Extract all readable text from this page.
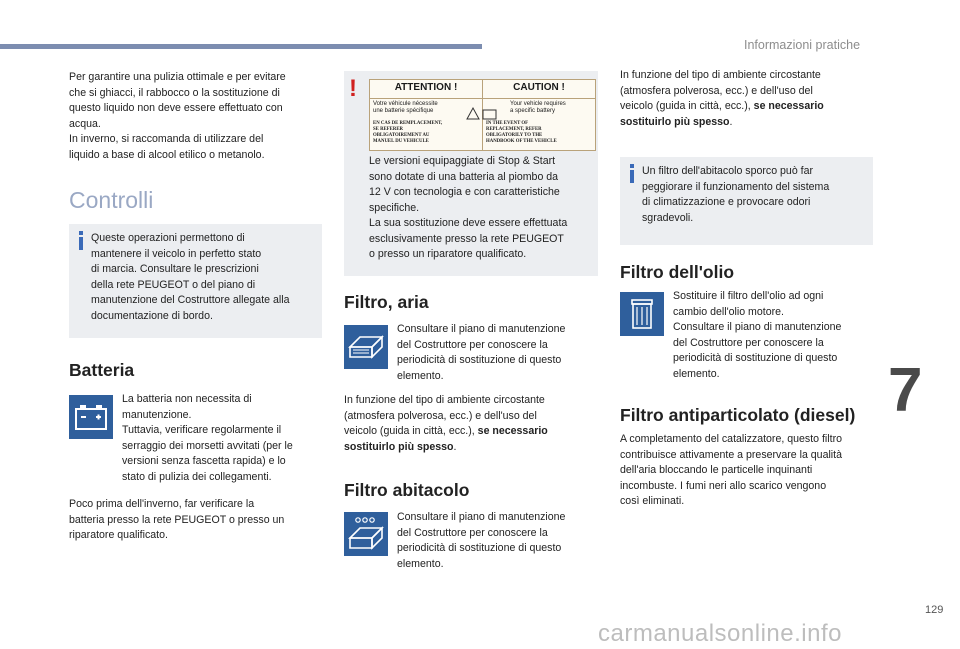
Informazioni pratiche
7
Per garantire una pulizia ottimale e per evitare
che si ghiacci, il rabbocco o la sostituzione di
questo liquido non deve essere effettuato con
acqua.
In inverno, si raccomanda di utilizzare del
liquido a base di alcool etilico o metanolo.
Controlli
Queste operazioni permettono di
mantenere il veicolo in perfetto stato
di marcia. Consultare le prescrizioni
della rete PEUGEOT o del piano di
manutenzione del Costruttore allegate alla
documentazione di bordo.
Batteria
La batteria non necessita di
manutenzione.
Tuttavia, verificare regolarmente il
serraggio dei morsetti avvitati (per le
versioni senza fascetta rapida) e lo
stato di pulizia dei collegamenti.
Poco prima dell'inverno, far verificare la
batteria presso la rete PEUGEOT o presso un
riparatore qualificato.
!	ATTENTION !	CAUTION !
Votre véhicule nécessite
une batterie spécifique
Your vehicle requires
a specific battery
EN CAS DE REMPLACEMENT,
SE REFERER
OBLIGATOIREMENT AU
MANUEL DU VEHICULE
IN THE EVENT OF
REPLACEMENT, REFER
OBLIGATORILY TO THE
HANDBOOK OF THE VEHICLE
Le versioni equipaggiate di Stop & Start
sono dotate di una batteria al piombo da
12 V con tecnologia e con caratteristiche
specifiche.
La sua sostituzione deve essere effettuata
esclusivamente presso la rete PEUGEOT
o presso un riparatore qualificato.
Filtro, aria
Consultare il piano di manutenzione
del Costruttore per conoscere la
periodicità di sostituzione di questo
elemento.
In funzione del tipo di ambiente circostante
(atmosfera polverosa, ecc.) e dell'uso del
veicolo (guida in città, ecc.), se necessario
sostituirlo più spesso.
Filtro abitacolo
Consultare il piano di manutenzione
del Costruttore per conoscere la
periodicità di sostituzione di questo
elemento.
In funzione del tipo di ambiente circostante
(atmosfera polverosa, ecc.) e dell'uso del
veicolo (guida in città, ecc.), se necessario
sostituirlo più spesso.
Un filtro dell'abitacolo sporco può far
peggiorare il funzionamento del sistema
di climatizzazione e provocare odori
sgradevoli.
Filtro dell'olio
Sostituire il filtro dell'olio ad ogni
cambio dell'olio motore.
Consultare il piano di manutenzione
del Costruttore per conoscere la
periodicità di sostituzione di questo
elemento.
Filtro antiparticolato (diesel)
A completamento del catalizzatore, questo filtro
contribuisce attivamente a preservare la qualità
dell'aria bloccando le particelle inquinanti
incombuste. I fumi neri allo scarico vengono
così eliminati.
129
carmanualsonline.info
